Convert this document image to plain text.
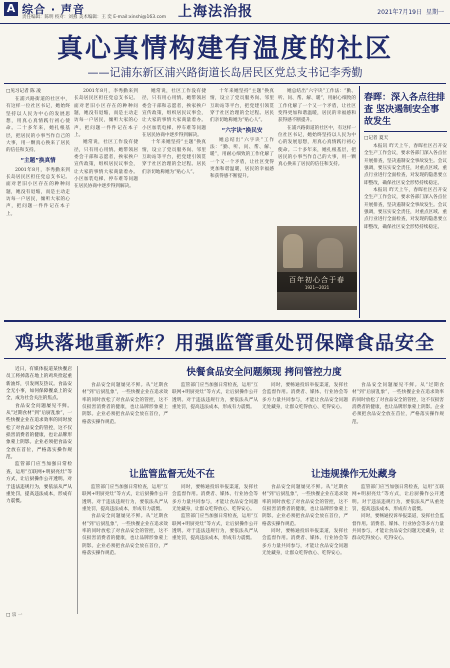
A 综合 · 声音
责任编辑：陈明 校对：刘燕 美术编辑：王 奕 E-mail:xinshi@163.com 上海法治报	2021年7月19日 星期一
真心真情构建有温度的社区
——记浦东新区浦兴路街道长岛居民区党总支书记李秀勤
□见习记者 陈 凌

在浦兴路街道的社区中，有这样一位社区书记，她始终坚持以人民为中心的发展思想，用真心真情践行初心使命。二十多年来，她扎根基层，把居民的小事当作自己的大事，用一颗真心换来了居民的信任和支持。

“主题”换真情

2001年8月，李秀勤来到长岛居民区担任党总支书记。面对老旧小区存在的种种问题，她没有退缩，而是主动走访每一户居民，倾听大家的心声，把问题一件件记在本子上。

2001年8月，李秀勤来到长岛居民区担任党总支书记。面对老旧小区存在的种种问题，她没有退缩，而是主动走访每一户居民，倾听大家的心声，把问题一件件记在本子上。

她常说，社区工作没有捷径，只有用心用情。她带领居委会干部和志愿者，挨家挨户宣传政策，组织居民议事会，让大家的事情大家商量着办。小区加装电梯、停车难等问题在居民协商中逐步得到解决。

她常说，社区工作没有捷径，只有用心用情。她带领居委会干部和志愿者，挨家挨户宣传政策，组织居民议事会，让大家的事情大家商量着办。小区加装电梯、停车难等问题在居民协商中逐步得到解决。

十年来她坚持“主题”换真情，设立了党员服务岗、邻里互助站等平台，把党建引领贯穿于社区治理的全过程。居民们亲切地称她为“贴心人”。

十年来她坚持“主题”换真情，设立了党员服务岗、邻里互助站等平台，把党建引领贯穿于社区治理的全过程。居民们亲切地称她为“贴心人”。

“六字诀”换民安

她总结出“六字诀”工作法：“勤、听、问、帮、解、暖”，用耐心细致的工作化解了一个又一个矛盾，让社区变得更加和谐温暖，居民的幸福感和获得感不断提升。

她总结出“六字诀”工作法：“勤、听、问、帮、解、暖”，用耐心细致的工作化解了一个又一个矛盾，让社区变得更加和谐温暖，居民的幸福感和获得感不断提升。

在浦兴路街道的社区中，有这样一位社区书记，她始终坚持以人民为中心的发展思想，用真心真情践行初心使命。二十多年来，她扎根基层，把居民的小事当作自己的大事，用一颗真心换来了居民的信任和支持。

百年初心合于春
1921—2021
春晖：深入各点往排查 坚决遏制安全事故发生
□记者 夏天

本报讯 昨天上午，春晖社区召开安全生产工作会议，要求各部门深入各点位开展排查，坚决遏制安全事故发生。会议强调，要压实安全责任，对重点区域、重点行业进行全面检查，对发现的隐患要立即整改，确保社区安全形势持续稳定。

本报讯 昨天上午，春晖社区召开安全生产工作会议，要求各部门深入各点位开展排查，坚决遏制安全事故发生。会议强调，要压实安全责任，对重点区域、重点行业进行全面检查，对发现的隐患要立即整改，确保社区安全形势持续稳定。

鸡块落地重新炸？用强监管重处罚保障食品安全

近日，有媒体报道某快餐店员工将掉落在地上的鸡块捡起重新油炸，引发网友热议。食品安全无小事，如何保障餐桌上的安全，成为社会关注的焦点。

食品安全问题屡见不鲜。从“过期食材”到“后厨乱象”，一些快餐企业在追求效率的同时放松了对食品安全的管控，这不仅损害消费者的健康，也让品牌形象蒙上阴影。企业必须把食品安全放在首位，严格落实操作规范。

监管部门应当加强日常检查，运用“互联网+明厨亮灶”等方式，让后厨操作公开透明。对于违法违规行为，要依法从严从重处罚，提高违法成本，形成有力震慑。

□ 宗 一
快餐食品安全问题频现 拷问管控力度

食品安全问题屡见不鲜。从“过期食材”到“后厨乱象”，一些快餐企业在追求效率的同时放松了对食品安全的管控，这不仅损害消费者的健康，也让品牌形象蒙上阴影。企业必须把食品安全放在首位，严格落实操作规范。

监管部门应当加强日常检查，运用“互联网+明厨亮灶”等方式，让后厨操作公开透明。对于违法违规行为，要依法从严从重处罚，提高违法成本，形成有力震慑。

同时，要畅通投诉举报渠道，发挥社会监督作用。消费者、媒体、行业协会等多方力量共同参与，才能让食品安全问题无处藏身，让群众吃得放心、吃得安心。

食品安全问题屡见不鲜。从“过期食材”到“后厨乱象”，一些快餐企业在追求效率的同时放松了对食品安全的管控，这不仅损害消费者的健康，也让品牌形象蒙上阴影。企业必须把食品安全放在首位，严格落实操作规范。

让监管监督无处不在	让违规操作无处藏身

监管部门应当加强日常检查，运用“互联网+明厨亮灶”等方式，让后厨操作公开透明。对于违法违规行为，要依法从严从重处罚，提高违法成本，形成有力震慑。

食品安全问题屡见不鲜。从“过期食材”到“后厨乱象”，一些快餐企业在追求效率的同时放松了对食品安全的管控，这不仅损害消费者的健康，也让品牌形象蒙上阴影。企业必须把食品安全放在首位，严格落实操作规范。

同时，要畅通投诉举报渠道，发挥社会监督作用。消费者、媒体、行业协会等多方力量共同参与，才能让食品安全问题无处藏身，让群众吃得放心、吃得安心。

监管部门应当加强日常检查，运用“互联网+明厨亮灶”等方式，让后厨操作公开透明。对于违法违规行为，要依法从严从重处罚，提高违法成本，形成有力震慑。

食品安全问题屡见不鲜。从“过期食材”到“后厨乱象”，一些快餐企业在追求效率的同时放松了对食品安全的管控，这不仅损害消费者的健康，也让品牌形象蒙上阴影。企业必须把食品安全放在首位，严格落实操作规范。

同时，要畅通投诉举报渠道，发挥社会监督作用。消费者、媒体、行业协会等多方力量共同参与，才能让食品安全问题无处藏身，让群众吃得放心、吃得安心。

监管部门应当加强日常检查，运用“互联网+明厨亮灶”等方式，让后厨操作公开透明。对于违法违规行为，要依法从严从重处罚，提高违法成本，形成有力震慑。

同时，要畅通投诉举报渠道，发挥社会监督作用。消费者、媒体、行业协会等多方力量共同参与，才能让食品安全问题无处藏身，让群众吃得放心、吃得安心。
